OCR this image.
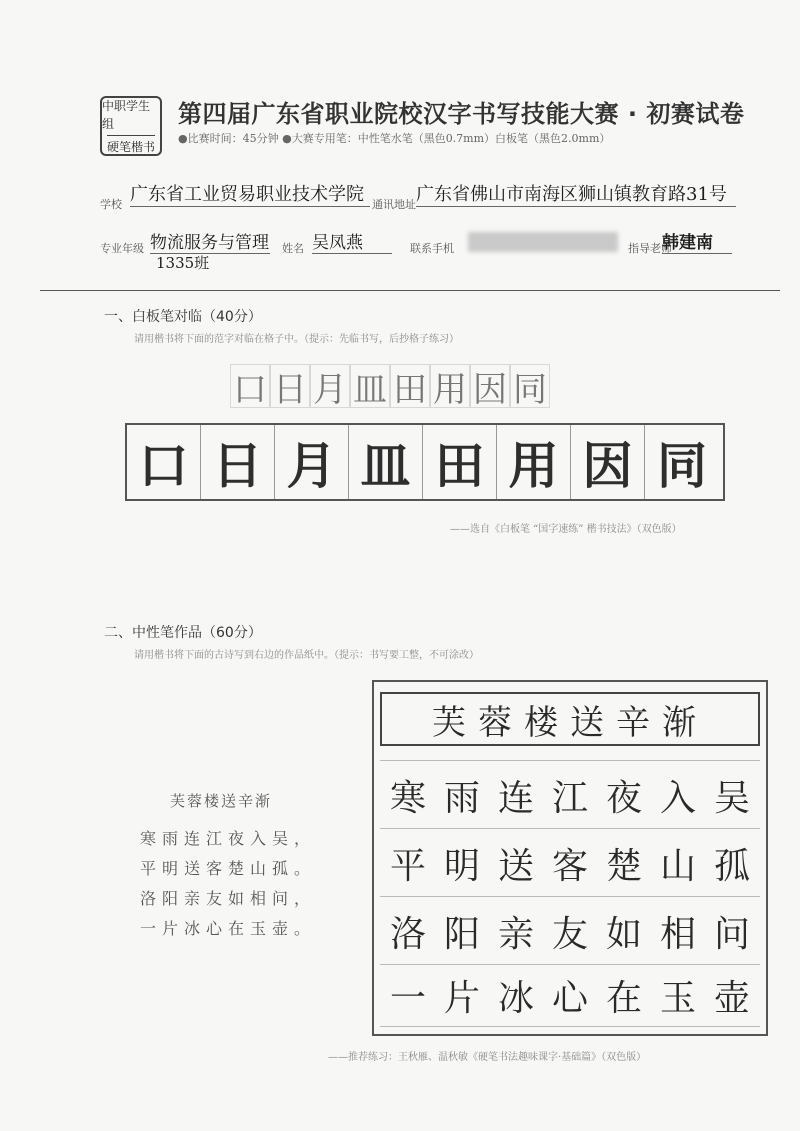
中职学生组
硬笔楷书
第四届广东省职业院校汉字书写技能大赛 · 初赛试卷
●比赛时间：45分钟 ●大赛专用笔：中性笔水笔（黑色0.7mm）白板笔（黑色2.0mm）
学校 广东省工业贸易职业技术学院 通讯地址 广东省佛山市南海区狮山镇教育路31号
专业年级 物流服务与管理
1335班
姓名 吴凤燕	联系手机	指导老师
韩建南
一、白板笔对临（40分）
请用楷书将下面的范字对临在格子中。（提示：先临书写，后抄格子练习）
口 日 月 皿 田 用 因 同
口 日 月 皿 田 用 因 同
——选自《白板笔 “国字速练” 楷书技法》（双色版）
二、中性笔作品（60分）
请用楷书将下面的古诗写到右边的作品纸中。（提示：书写要工整，不可涂改）
芙蓉楼送辛渐
寒雨连江夜入吴，
平明送客楚山孤。
洛阳亲友如相问，
一片冰心在玉壶。
芙蓉楼送辛渐
寒 雨 连 江 夜 入 吴
平 明 送 客 楚 山 孤
洛 阳 亲 友 如 相 问
一 片 冰 心 在 玉 壶
——推荐练习：王秋雁、温秋敏《硬笔书法趣味课字·基础篇》（双色版）
